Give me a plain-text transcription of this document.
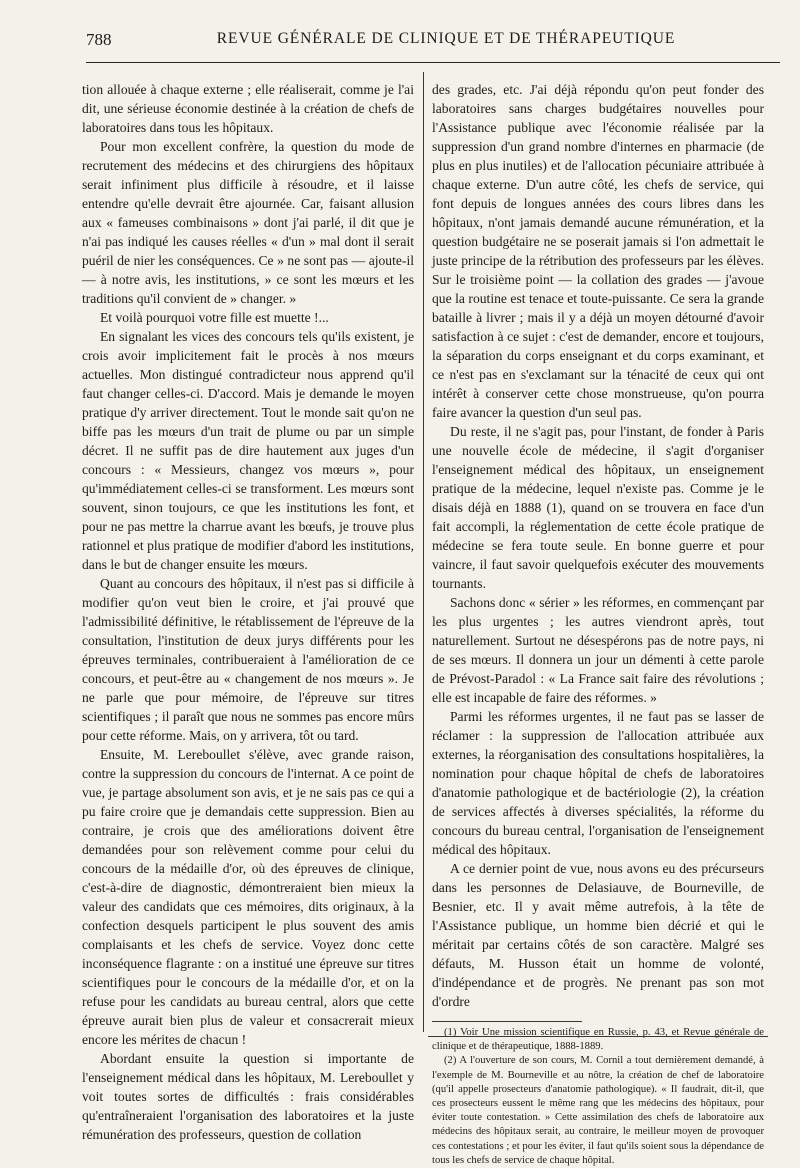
788	REVUE GÉNÉRALE DE CLINIQUE ET DE THÉRAPEUTIQUE

tion allouée à chaque externe ; elle réaliserait, comme je l'ai dit, une sérieuse économie destinée à la création de chefs de laboratoires dans tous les hôpitaux.

Pour mon excellent confrère, la question du mode de recrutement des médecins et des chirurgiens des hôpitaux serait infiniment plus difficile à résoudre, et il laisse entendre qu'elle devrait être ajournée. Car, faisant allusion aux « fameuses combinaisons » dont j'ai parlé, il dit que je n'ai pas indiqué les causes réelles « d'un » mal dont il serait puéril de nier les conséquences. Ce » ne sont pas — ajoute-il — à notre avis, les institutions, » ce sont les mœurs et les traditions qu'il convient de » changer. »

Et voilà pourquoi votre fille est muette !...

En signalant les vices des concours tels qu'ils existent, je crois avoir implicitement fait le procès à nos mœurs actuelles. Mon distingué contradicteur nous apprend qu'il faut changer celles-ci. D'accord. Mais je demande le moyen pratique d'y arriver directement. Tout le monde sait qu'on ne biffe pas les mœurs d'un trait de plume ou par un simple décret. Il ne suffit pas de dire hautement aux juges d'un concours : « Messieurs, changez vos mœurs », pour qu'immédiatement celles-ci se transforment. Les mœurs sont souvent, sinon toujours, ce que les institutions les font, et pour ne pas mettre la charrue avant les bœufs, je trouve plus rationnel et plus pratique de modifier d'abord les institutions, dans le but de changer ensuite les mœurs.

Quant au concours des hôpitaux, il n'est pas si difficile à modifier qu'on veut bien le croire, et j'ai prouvé que l'admissibilité définitive, le rétablissement de l'épreuve de la consultation, l'institution de deux jurys différents pour les épreuves terminales, contribueraient à l'amélioration de ce concours, et peut-être au « changement de nos mœurs ». Je ne parle que pour mémoire, de l'épreuve sur titres scientifiques ; il paraît que nous ne sommes pas encore mûrs pour cette réforme. Mais, on y arrivera, tôt ou tard.

Ensuite, M. Lereboullet s'élève, avec grande raison, contre la suppression du concours de l'internat. A ce point de vue, je partage absolument son avis, et je ne sais pas ce qui a pu faire croire que je demandais cette suppression. Bien au contraire, je crois que des améliorations doivent être demandées pour son relèvement comme pour celui du concours de la médaille d'or, où des épreuves de clinique, c'est-à-dire de diagnostic, démontreraient bien mieux la valeur des candidats que ces mémoires, dits originaux, à la confection desquels participent le plus souvent des amis complaisants et les chefs de service. Voyez donc cette inconséquence flagrante : on a institué une épreuve sur titres scientifiques pour le concours de la médaille d'or, et on la refuse pour les candidats au bureau central, alors que cette épreuve aurait bien plus de valeur et consacrerait mieux encore les mérites de chacun !

Abordant ensuite la question si importante de l'enseignement médical dans les hôpitaux, M. Lereboullet y voit toutes sortes de difficultés : frais considérables qu'entraîneraient l'organisation des laboratoires et la juste rémunération des professeurs, question de collation

des grades, etc. J'ai déjà répondu qu'on peut fonder des laboratoires sans charges budgétaires nouvelles pour l'Assistance publique avec l'économie réalisée par la suppression d'un grand nombre d'internes en pharmacie (de plus en plus inutiles) et de l'allocation pécuniaire attribuée à chaque externe. D'un autre côté, les chefs de service, qui font depuis de longues années des cours libres dans les hôpitaux, n'ont jamais demandé aucune rémunération, et la question budgétaire ne se poserait jamais si l'on admettait le juste principe de la rétribution des professeurs par les élèves. Sur le troisième point — la collation des grades — j'avoue que la routine est tenace et toute-puissante. Ce sera la grande bataille à livrer ; mais il y a déjà un moyen détourné d'avoir satisfaction à ce sujet : c'est de demander, encore et toujours, la séparation du corps enseignant et du corps examinant, et ce n'est pas en s'exclamant sur la ténacité de ceux qui ont intérêt à conserver cette chose monstrueuse, qu'on pourra faire avancer la question d'un seul pas.

Du reste, il ne s'agit pas, pour l'instant, de fonder à Paris une nouvelle école de médecine, il s'agit d'organiser l'enseignement médical des hôpitaux, un enseignement pratique de la médecine, lequel n'existe pas. Comme je le disais déjà en 1888 (1), quand on se trouvera en face d'un fait accompli, la réglementation de cette école pratique de médecine se fera toute seule. En bonne guerre et pour vaincre, il faut savoir quelquefois exécuter des mouvements tournants.

Sachons donc « sérier » les réformes, en commençant par les plus urgentes ; les autres viendront après, tout naturellement. Surtout ne désespérons pas de notre pays, ni de ses mœurs. Il donnera un jour un démenti à cette parole de Prévost-Paradol : « La France sait faire des révolutions ; elle est incapable de faire des réformes. »

Parmi les réformes urgentes, il ne faut pas se lasser de réclamer : la suppression de l'allocation attribuée aux externes, la réorganisation des consultations hospitalières, la nomination pour chaque hôpital de chefs de laboratoires d'anatomie pathologique et de bactériologie (2), la création de services affectés à diverses spécialités, la réforme du concours du bureau central, l'organisation de l'enseignement médical des hôpitaux.

A ce dernier point de vue, nous avons eu des précurseurs dans les personnes de Delasiauve, de Bourneville, de Besnier, etc. Il y avait même autrefois, à la tête de l'Assistance publique, un homme bien décrié et qui le méritait par certains côtés de son caractère. Malgré ses défauts, M. Husson était un homme de volonté, d'indépendance et de progrès. Ne prenant pas son mot d'ordre

(1) Voir Une mission scientifique en Russie, p. 43, et Revue générale de clinique et de thérapeutique, 1888-1889.

(2) A l'ouverture de son cours, M. Cornil a tout dernièrement demandé, à l'exemple de M. Bourneville et au nôtre, la création de chef de laboratoire (qu'il appelle prosecteurs d'anatomie pathologique). « Il faudrait, dit-il, que ces prosecteurs eussent le même rang que les médecins des hôpitaux, pour éviter toute contestation. » Cette assimilation des chefs de laboratoire aux médecins des hôpitaux serait, au contraire, le meilleur moyen de provoquer ces contestations ; et pour les éviter, il faut qu'ils soient sous la dépendance de tous les chefs de service de chaque hôpital.
